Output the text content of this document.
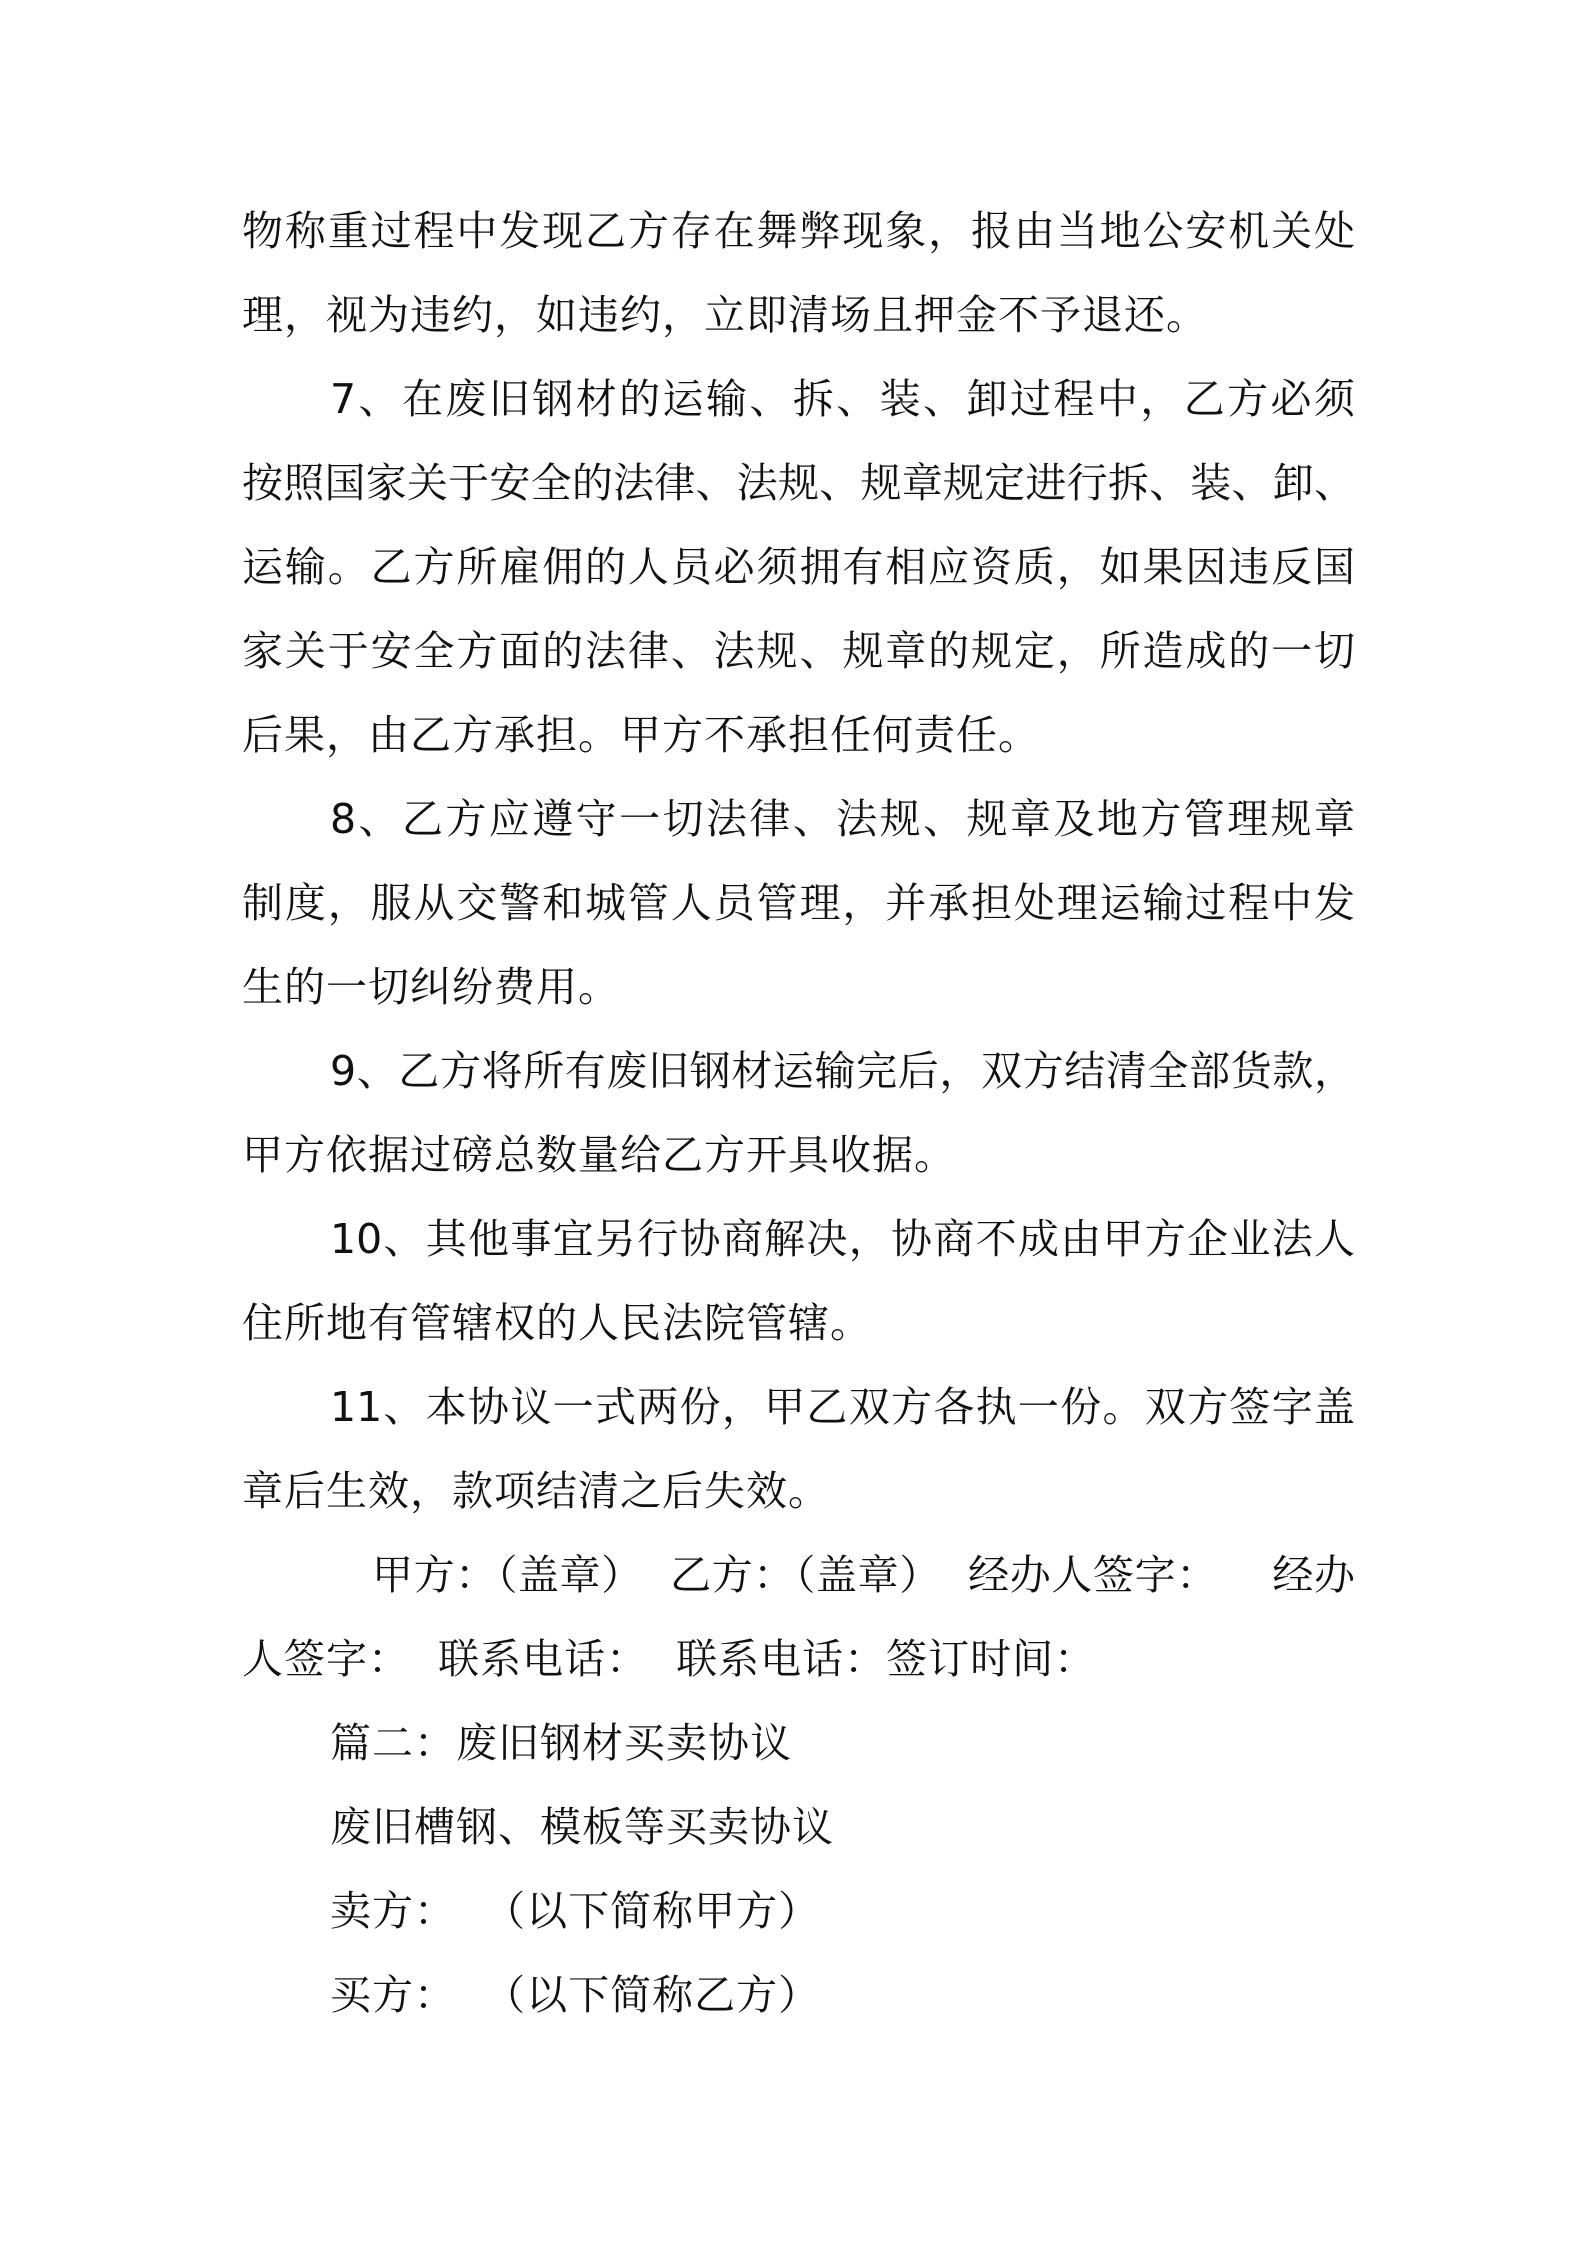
物称重过程中发现乙方存在舞弊现象，报由当地公安机关处
理，视为违约，如违约，立即清场且押金不予退还。
7、在废旧钢材的运输、拆、装、卸过程中，乙方必须
按照国家关于安全的法律、法规、规章规定进行拆、装、卸、
运输。乙方所雇佣的人员必须拥有相应资质，如果因违反国
家关于安全方面的法律、法规、规章的规定，所造成的一切
后果，由乙方承担。甲方不承担任何责任。
8、乙方应遵守一切法律、法规、规章及地方管理规章
制度，服从交警和城管人员管理，并承担处理运输过程中发
生的一切纠纷费用。
9、乙方将所有废旧钢材运输完后，双方结清全部货款，
甲方依据过磅总数量给乙方开具收据。
10、其他事宜另行协商解决，协商不成由甲方企业法人
住所地有管辖权的人民法院管辖。
11、本协议一式两份，甲乙双方各执一份。双方签字盖
章后生效，款项结清之后失效。
甲方：（盖章）  乙方：（盖章）  经办人签字：    经办
人签字：  联系电话：  联系电话：签订时间：
篇二：废旧钢材买卖协议
废旧槽钢、模板等买卖协议
卖方：  （以下简称甲方）
买方：  （以下简称乙方）
